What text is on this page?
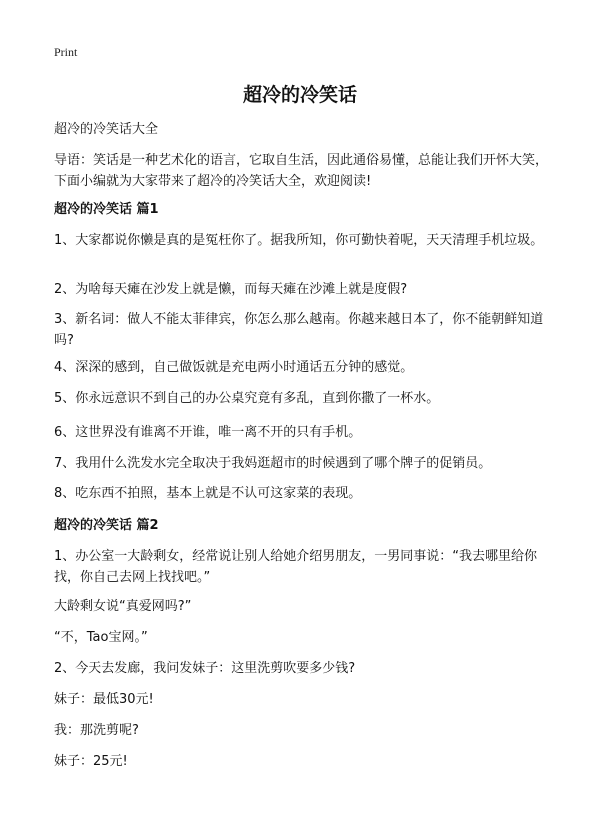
Print
超冷的冷笑话

超冷的冷笑话大全

导语：笑话是一种艺术化的语言，它取自生活，因此通俗易懂，总能让我们开怀大笑，下面小编就为大家带来了超冷的冷笑话大全，欢迎阅读!

超冷的冷笑话 篇1

1、大家都说你懒是真的是冤枉你了。据我所知，你可勤快着呢，天天清理手机垃圾。

2、为啥每天瘫在沙发上就是懒，而每天瘫在沙滩上就是度假?

3、新名词：做人不能太菲律宾，你怎么那么越南。你越来越日本了，你不能朝鲜知道吗?

4、深深的感到，自己做饭就是充电两小时通话五分钟的感觉。

5、你永远意识不到自己的办公桌究竟有多乱，直到你撒了一杯水。

6、这世界没有谁离不开谁，唯一离不开的只有手机。

7、我用什么洗发水完全取决于我妈逛超市的时候遇到了哪个牌子的促销员。

8、吃东西不拍照，基本上就是不认可这家菜的表现。

超冷的冷笑话 篇2

1、办公室一大龄剩女，经常说让别人给她介绍男朋友，一男同事说：“我去哪里给你找，你自己去网上找找吧。”

大龄剩女说“真爱网吗?”

“不，Tao宝网。”

2、今天去发廊，我问发妹子：这里洗剪吹要多少钱?

妹子：最低30元!

我：那洗剪呢?

妹子：25元!
